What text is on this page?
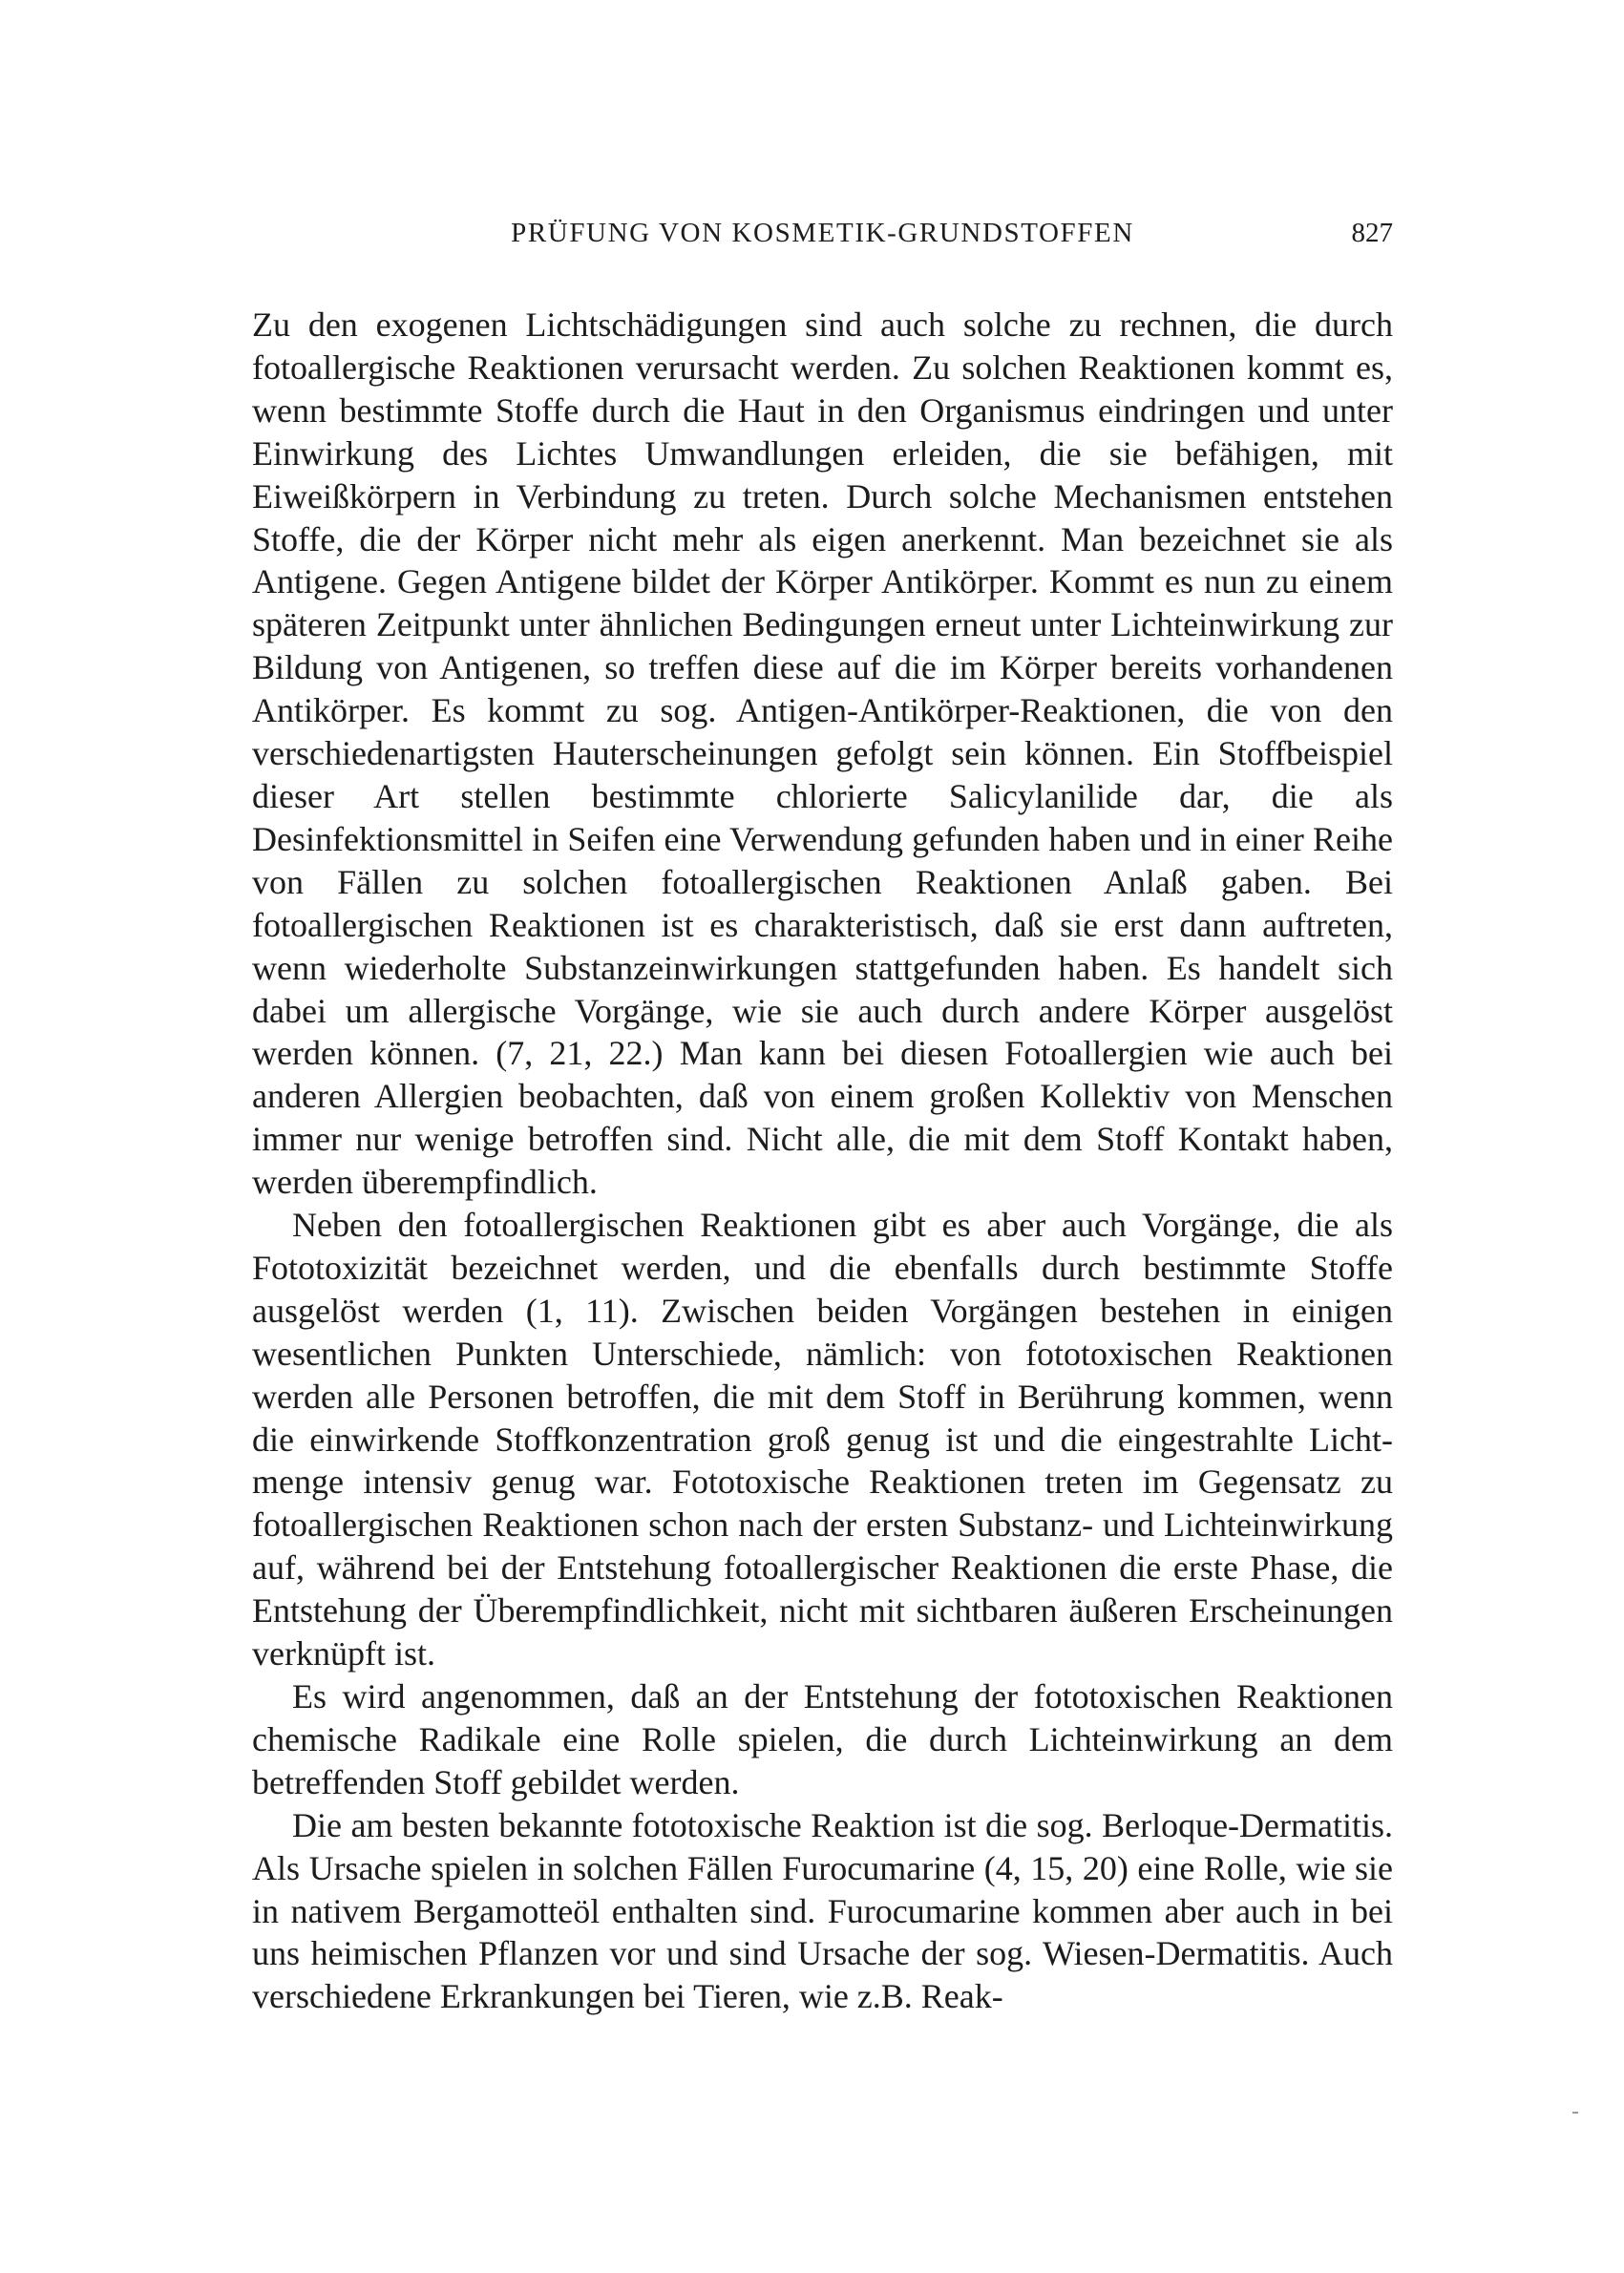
PRÜFUNG VON KOSMETIK-GRUNDSTOFFEN	827

Zu den exogenen Lichtschädigungen sind auch solche zu rechnen, die durch fotoallergische Reaktionen verursacht werden. Zu solchen Reaktionen kommt es, wenn bestimmte Stoffe durch die Haut in den Organismus eindringen und unter Einwirkung des Lichtes Umwandlungen erleiden, die sie befähigen, mit Eiweißkörpern in Verbindung zu treten. Durch solche Mechanismen entstehen Stoffe, die der Körper nicht mehr als eigen anerkennt. Man bezeichnet sie als Antigene. Gegen Antigene bildet der Körper Antikörper. Kommt es nun zu einem späteren Zeitpunkt unter ähnlichen Bedingungen erneut unter Lichteinwirkung zur Bildung von Antigenen, so treffen diese auf die im Körper bereits vorhandenen Antikörper. Es kommt zu sog. Antigen-Antikörper-Reaktionen, die von den verschiedenartigsten Hauterscheinungen gefolgt sein können. Ein Stoffbeispiel dieser Art stellen bestimmte chlorierte Salicylanilide dar, die als Desinfektionsmittel in Seifen eine Verwendung gefunden haben und in einer Reihe von Fällen zu solchen fotoallergischen Reaktionen Anlaß gaben. Bei fotoallergischen Reaktionen ist es charakteristisch, daß sie erst dann auftreten, wenn wiederholte Substanzeinwirkungen stattgefunden haben. Es handelt sich dabei um allergische Vorgänge, wie sie auch durch andere Körper ausgelöst werden können. (7, 21, 22.) Man kann bei diesen Fotoallergien wie auch bei anderen Allergien beobachten, daß von einem großen Kollektiv von Menschen immer nur wenige betroffen sind. Nicht alle, die mit dem Stoff Kontakt haben, werden überempfindlich.

Neben den fotoallergischen Reaktionen gibt es aber auch Vorgänge, die als Fototoxizität bezeichnet werden, und die ebenfalls durch bestimmte Stoffe ausgelöst werden (1, 11). Zwischen beiden Vorgängen bestehen in einigen wesentlichen Punkten Unterschiede, nämlich: von fototoxischen Reaktionen werden alle Personen betroffen, die mit dem Stoff in Berührung kommen, wenn die einwirkende Stoffkonzentration groß genug ist und die eingestrahlte Lichtmenge intensiv genug war. Fototoxische Reaktionen treten im Gegensatz zu fotoallergischen Reaktionen schon nach der ersten Substanz- und Lichteinwirkung auf, während bei der Entstehung fotoallergischer Reaktionen die erste Phase, die Entstehung der Überempfindlichkeit, nicht mit sichtbaren äußeren Erscheinungen verknüpft ist.

Es wird angenommen, daß an der Entstehung der fototoxischen Reaktionen chemische Radikale eine Rolle spielen, die durch Lichteinwirkung an dem betreffenden Stoff gebildet werden.

Die am besten bekannte fototoxische Reaktion ist die sog. Berloque-Dermatitis. Als Ursache spielen in solchen Fällen Furocumarine (4, 15, 20) eine Rolle, wie sie in nativem Bergamotteöl enthalten sind. Furocumarine kommen aber auch in bei uns heimischen Pflanzen vor und sind Ursache der sog. Wiesen-Dermatitis. Auch verschiedene Erkrankungen bei Tieren, wie z.B. Reak-
